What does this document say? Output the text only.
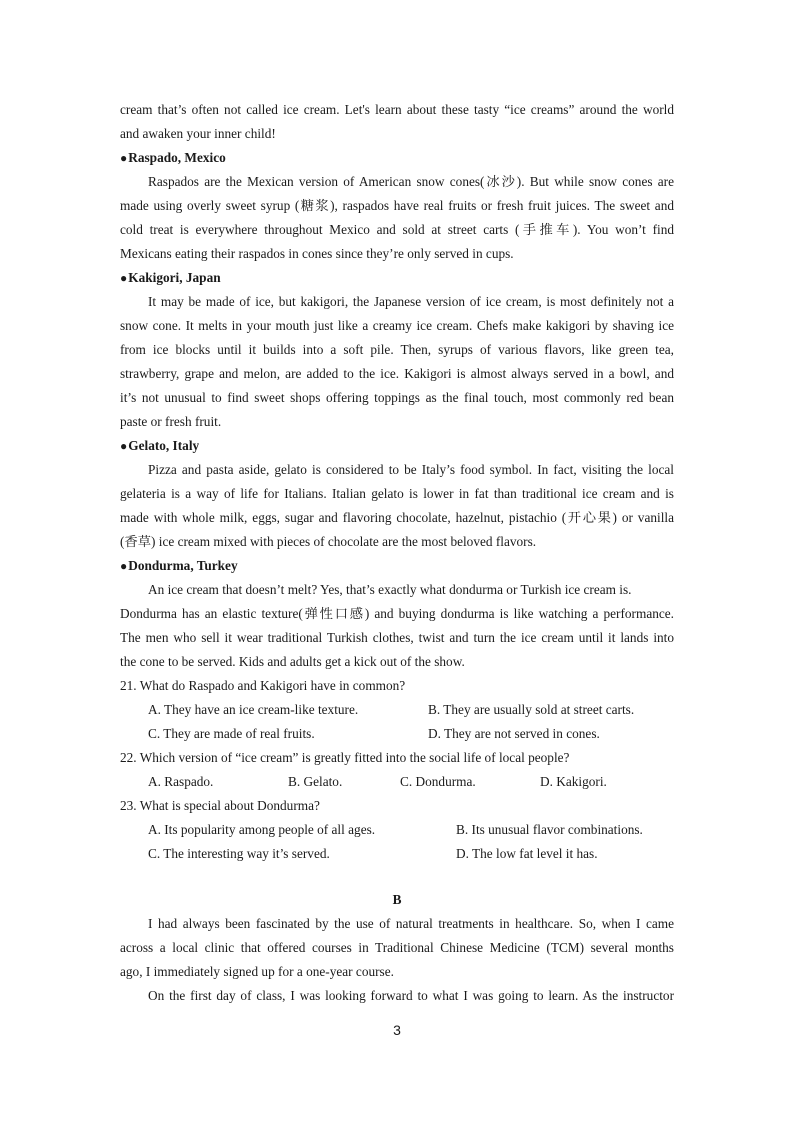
cream that’s often not called ice cream. Let's learn about these tasty “ice creams” around the world
and awaken your inner child!
●Raspado, Mexico
Raspados are the Mexican version of American snow cones(冰沙). But while snow cones are
made using overly sweet syrup (糖浆), raspados have real fruits or fresh fruit juices. The sweet and
cold treat is everywhere throughout Mexico and sold at street carts (手推车). You won’t find
Mexicans eating their raspados in cones since they’re only served in cups.
●Kakigori, Japan
It may be made of ice, but kakigori, the Japanese version of ice cream, is most definitely not a
snow cone. It melts in your mouth just like a creamy ice cream. Chefs make kakigori by shaving ice
from ice blocks until it builds into a soft pile. Then, syrups of various flavors, like green tea,
strawberry, grape and melon, are added to the ice. Kakigori is almost always served in a bowl, and
it’s not unusual to find sweet shops offering toppings as the final touch, most commonly red bean
paste or fresh fruit.
●Gelato, Italy
Pizza and pasta aside, gelato is considered to be Italy’s food symbol. In fact, visiting the local
gelateria is a way of life for Italians. Italian gelato is lower in fat than traditional ice cream and is
made with whole milk, eggs, sugar and flavoring chocolate, hazelnut, pistachio (开心果) or vanilla
(香草) ice cream mixed with pieces of chocolate are the most beloved flavors.
●Dondurma, Turkey
An ice cream that doesn’t melt? Yes, that’s exactly what dondurma or Turkish ice cream is.
Dondurma has an elastic texture(弹性口感) and buying dondurma is like watching a performance.
The men who sell it wear traditional Turkish clothes, twist and turn the ice cream until it lands into
the cone to be served. Kids and adults get a kick out of the show.
21. What do Raspado and Kakigori have in common?
A. They have an ice cream-like texture.	B. They are usually sold at street carts.
C. They are made of real fruits.	D. They are not served in cones.
22. Which version of “ice cream” is greatly fitted into the social life of local people?
A. Raspado.	B. Gelato.	C. Dondurma.	D. Kakigori.
23. What is special about Dondurma?
A. Its popularity among people of all ages.	B. Its unusual flavor combinations.
C. The interesting way it’s served.	D. The low fat level it has.
B
I had always been fascinated by the use of natural treatments in healthcare. So, when I came
across a local clinic that offered courses in Traditional Chinese Medicine (TCM) several months
ago, I immediately signed up for a one-year course.
On the first day of class, I was looking forward to what I was going to learn. As the instructor
3
